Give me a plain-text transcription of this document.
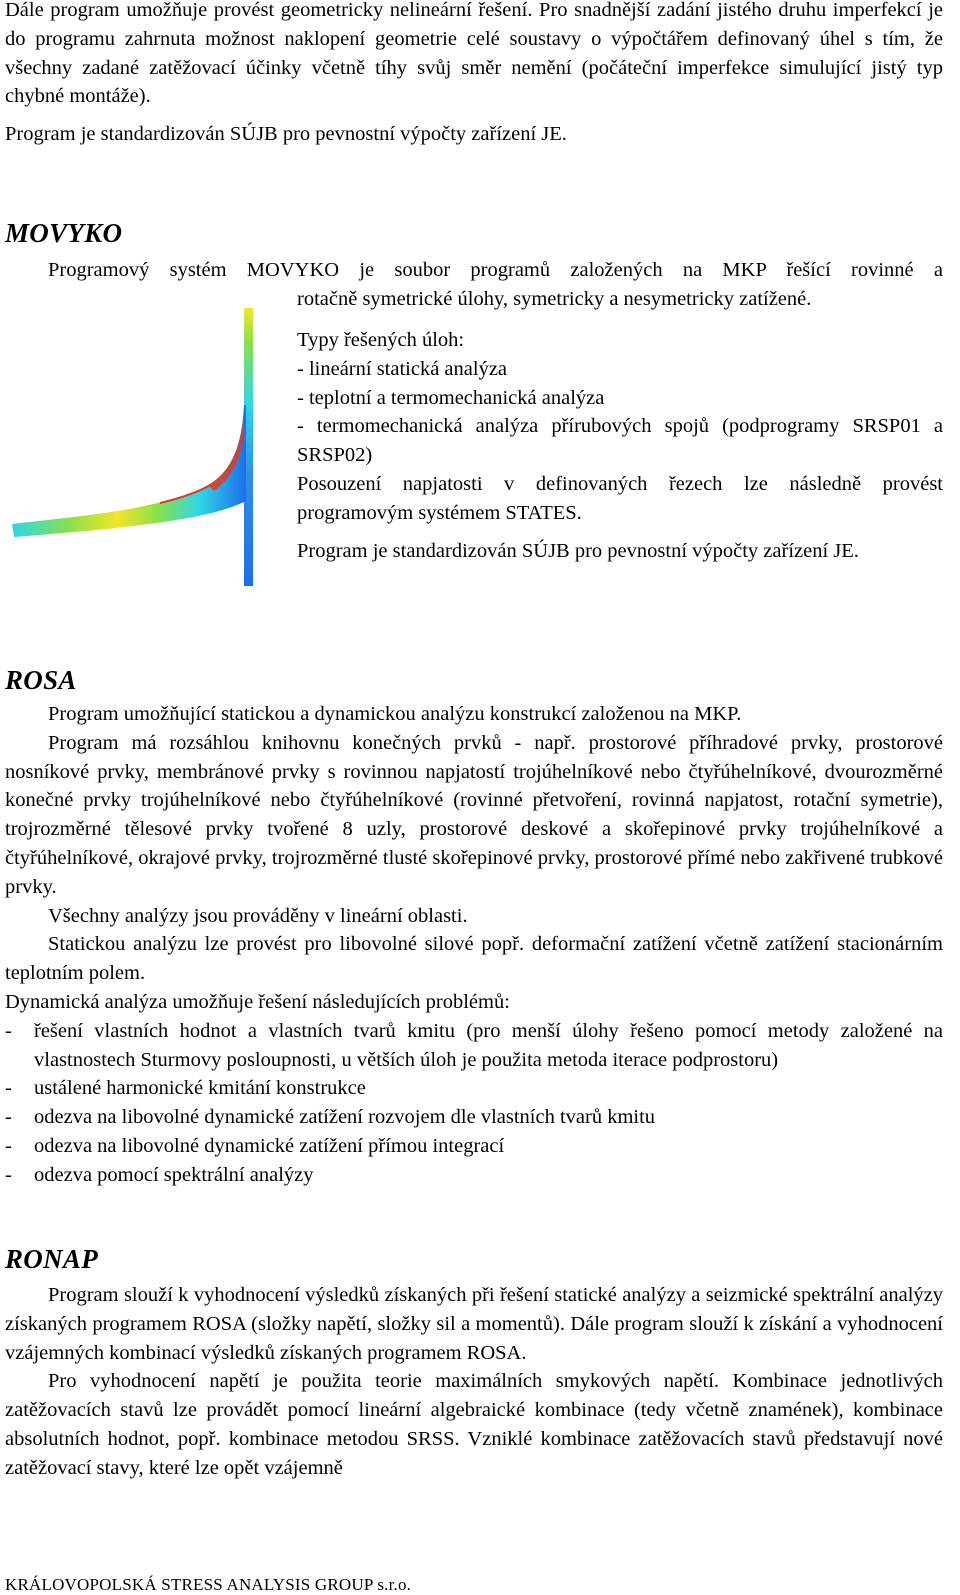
Dále program umožňuje provést geometricky nelineární řešení. Pro snadnější zadání jistého druhu imperfekcí je do programu zahrnuta možnost naklopení geometrie celé soustavy o výpočtářem definovaný úhel s tím, že všechny zadané zatěžovací účinky včetně tíhy svůj směr nemění (počáteční imperfekce simulující jistý typ chybné montáže).

Program je standardizován SÚJB pro pevnostní výpočty zařízení JE.

MOVYKO

Programový systém MOVYKO je soubor programů založených na MKP řešící rovinné a

rotačně symetrické úlohy, symetricky a nesymetricky zatížené.

Typy řešených úloh:

- lineární statická analýza

- teplotní a termomechanická analýza

- termomechanická analýza přírubových spojů (podprogramy SRSP01 a SRSP02)

Posouzení napjatosti v definovaných řezech lze následně provést programovým systémem STATES.

Program je standardizován SÚJB pro pevnostní výpočty zařízení JE.

ROSA

Program umožňující statickou a dynamickou analýzu konstrukcí založenou na MKP.

Program má rozsáhlou knihovnu konečných prvků - např. prostorové příhradové prvky, prostorové nosníkové prvky, membránové prvky s rovinnou napjatostí trojúhelníkové nebo čtyřúhelníkové, dvourozměrné konečné prvky trojúhelníkové nebo čtyřúhelníkové (rovinné přetvoření, rovinná napjatost, rotační symetrie), trojrozměrné tělesové prvky tvořené 8 uzly, prostorové deskové a skořepinové prvky trojúhelníkové a čtyřúhelníkové, okrajové prvky, trojrozměrné tlusté skořepinové prvky, prostorové přímé nebo zakřivené trubkové prvky.

Všechny analýzy jsou prováděny v lineární oblasti.

Statickou analýzu lze provést pro libovolné silové popř. deformační zatížení včetně zatížení stacionárním teplotním polem.

Dynamická analýza umožňuje řešení následujících problémů:

- řešení vlastních hodnot a vlastních tvarů kmitu (pro menší úlohy řešeno pomocí metody založené na vlastnostech Sturmovy posloupnosti, u větších úloh je použita metoda iterace podprostoru)
- ustálené harmonické kmitání konstrukce
- odezva na libovolné dynamické zatížení rozvojem dle vlastních tvarů kmitu
- odezva na libovolné dynamické zatížení přímou integrací
- odezva pomocí spektrální analýzy
RONAP

Program slouží k vyhodnocení výsledků získaných při řešení statické analýzy a seizmické spektrální analýzy získaných programem ROSA (složky napětí, složky sil a momentů). Dále program slouží k získání a vyhodnocení vzájemných kombinací výsledků získaných programem ROSA.

Pro vyhodnocení napětí je použita teorie maximálních smykových napětí. Kombinace jednotlivých zatěžovacích stavů lze provádět pomocí lineární algebraické kombinace (tedy včetně znamének), kombinace absolutních hodnot, popř. kombinace metodou SRSS. Vzniklé kombinace zatěžovacích stavů představují nové zatěžovací stavy, které lze opět vzájemně

KRÁLOVOPOLSKÁ STRESS ANALYSIS GROUP s.r.o.
